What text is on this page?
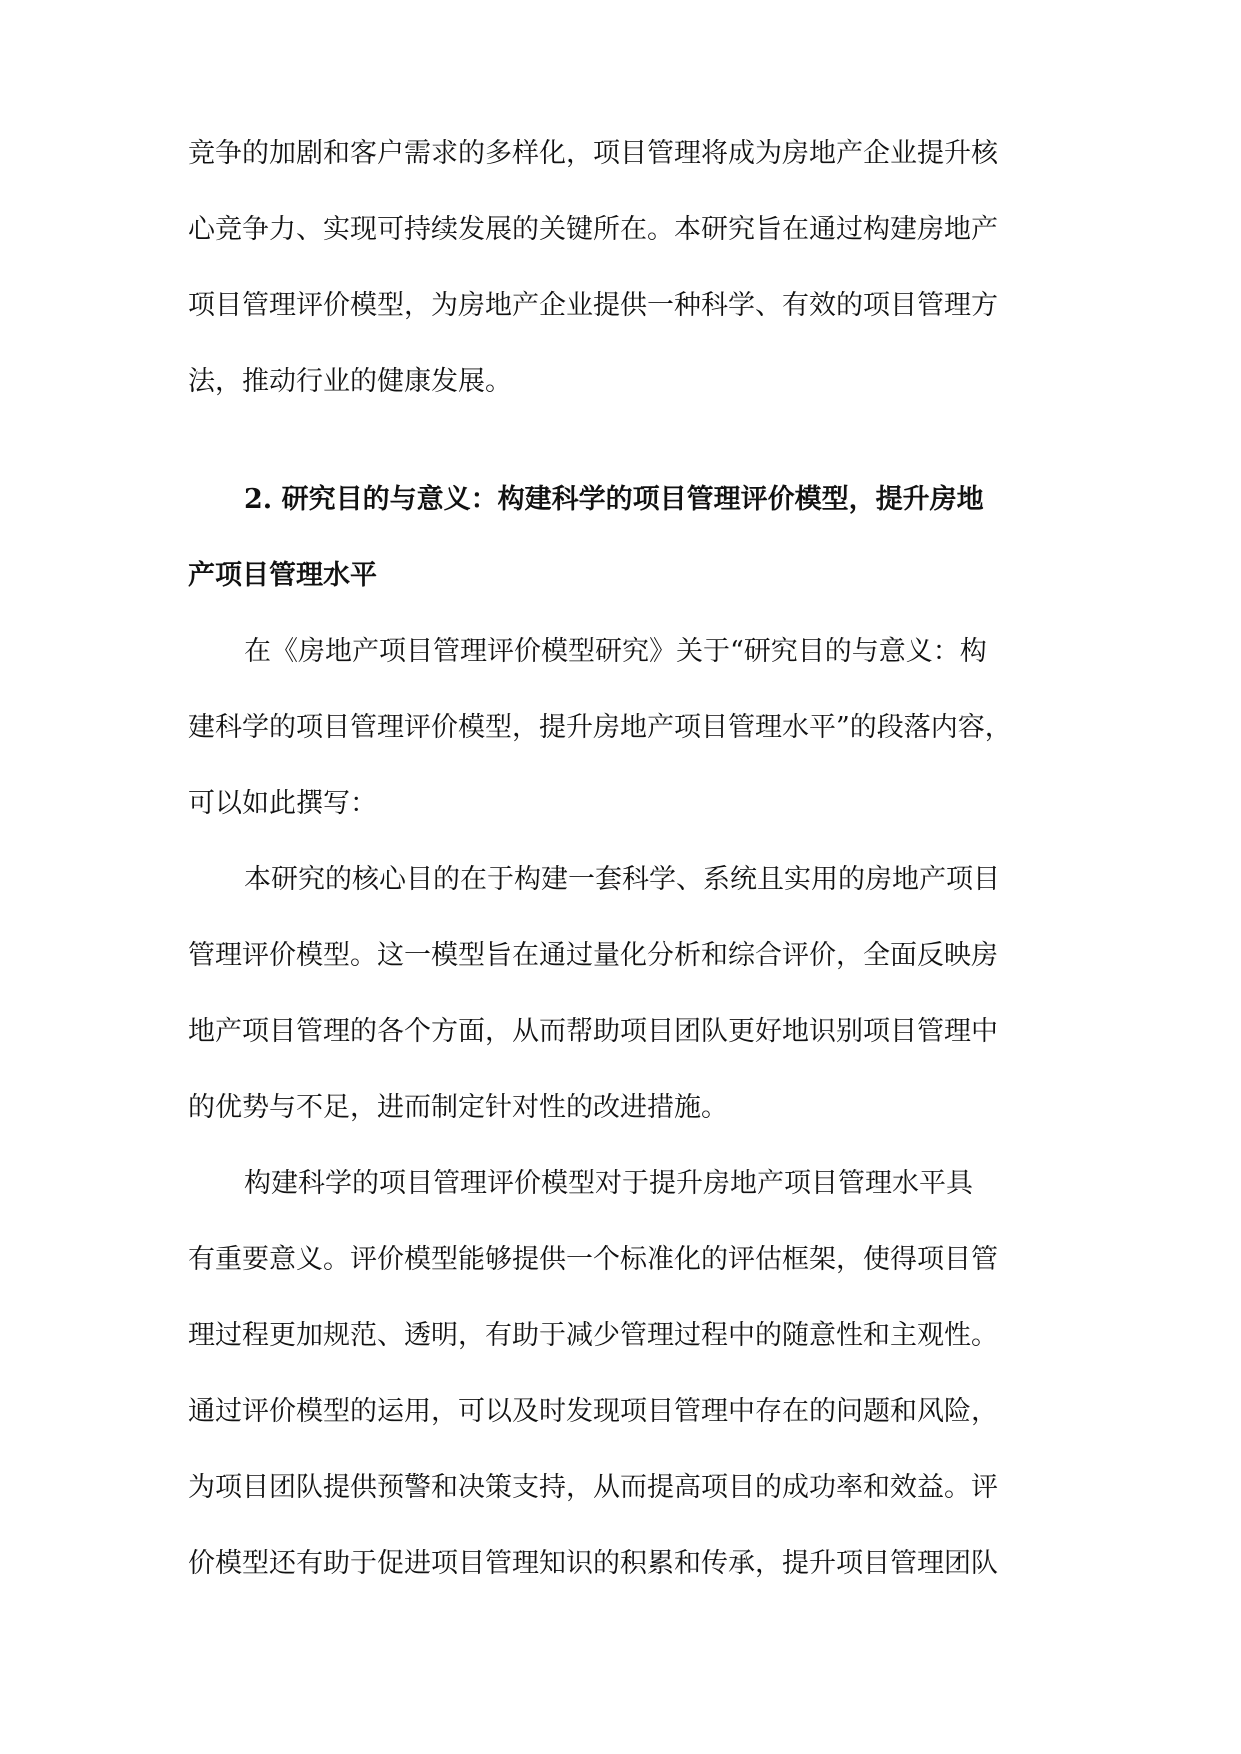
竞争的加剧和客户需求的多样化，项目管理将成为房地产企业提升核
心竞争力、实现可持续发展的关键所在。本研究旨在通过构建房地产
项目管理评价模型，为房地产企业提供一种科学、有效的项目管理方
法，推动行业的健康发展。
2. 研究目的与意义：构建科学的项目管理评价模型，提升房地
产项目管理水平
在《房地产项目管理评价模型研究》关于“研究目的与意义：构
建科学的项目管理评价模型，提升房地产项目管理水平”的段落内容，
可以如此撰写：
本研究的核心目的在于构建一套科学、系统且实用的房地产项目
管理评价模型。这一模型旨在通过量化分析和综合评价，全面反映房
地产项目管理的各个方面，从而帮助项目团队更好地识别项目管理中
的优势与不足，进而制定针对性的改进措施。
构建科学的项目管理评价模型对于提升房地产项目管理水平具
有重要意义。评价模型能够提供一个标准化的评估框架，使得项目管
理过程更加规范、透明，有助于减少管理过程中的随意性和主观性。
通过评价模型的运用，可以及时发现项目管理中存在的问题和风险，
为项目团队提供预警和决策支持，从而提高项目的成功率和效益。评
价模型还有助于促进项目管理知识的积累和传承，提升项目管理团队
